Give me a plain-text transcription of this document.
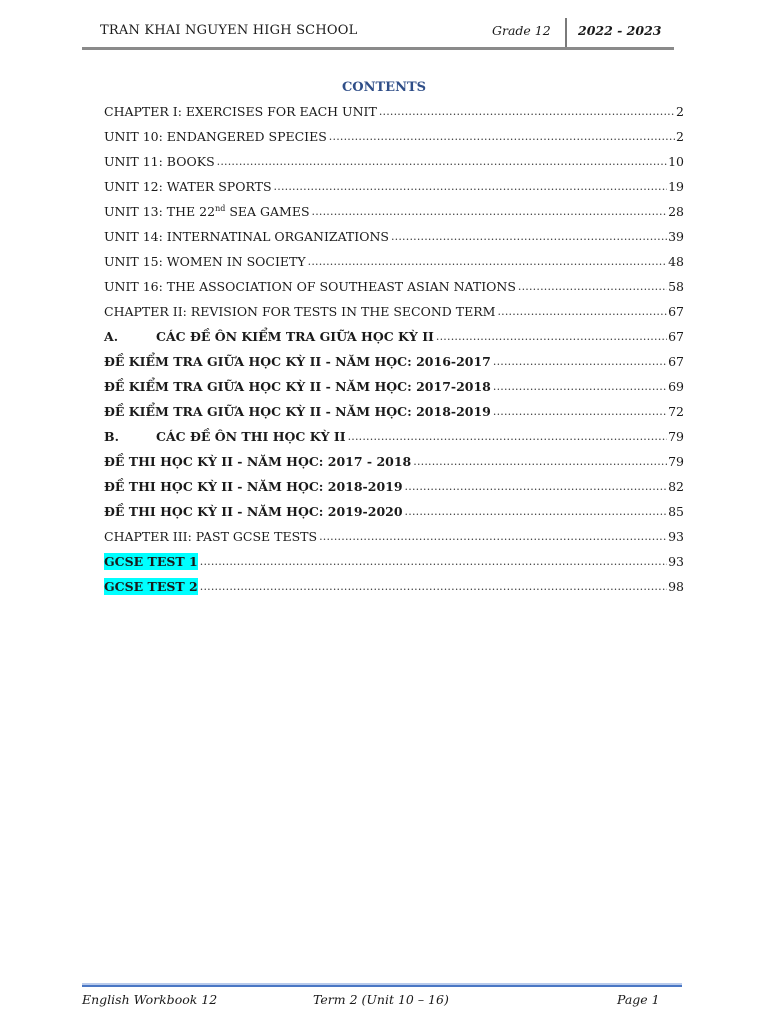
TRAN KHAI NGUYEN HIGH SCHOOL	Grade 12 2022 - 2023
CONTENTS
CHAPTER I: EXERCISES FOR EACH UNIT .....	2
UNIT 10: ENDANGERED SPECIES .....	2
UNIT 11: BOOKS .....	10
UNIT 12: WATER SPORTS .....	19
UNIT 13: THE 22nd SEA GAMES .....	28
UNIT 14: INTERNATINAL ORGANIZATIONS .....	39
UNIT 15: WOMEN IN SOCIETY .....	48
UNIT 16: THE ASSOCIATION OF SOUTHEAST ASIAN NATIONS .....	58
CHAPTER II: REVISION FOR TESTS IN THE SECOND TERM .....	67
A.	CÁC ĐỀ ÔN KIỂM TRA GIỮA HỌC KỲ II .....	67
ĐỀ KIỂM TRA GIỮA HỌC KỲ II - NĂM HỌC: 2016-2017 .....	67
ĐỀ KIỂM TRA GIỮA HỌC KỲ II - NĂM HỌC: 2017-2018 .....	69
ĐỀ KIỂM TRA GIỮA HỌC KỲ II - NĂM HỌC: 2018-2019 .....	72
B.	CÁC ĐỀ ÔN THI HỌC KỲ II .....	79
ĐỀ THI HỌC KỲ II - NĂM HỌC: 2017 - 2018 .....	79
ĐỀ THI HỌC KỲ II - NĂM HỌC: 2018-2019 .....	82
ĐỀ THI HỌC KỲ II - NĂM HỌC: 2019-2020 .....	85
CHAPTER III: PAST GCSE TESTS .....	93
GCSE TEST 1 .....	93
GCSE TEST 2 .....	98
English Workbook 12	Term 2 (Unit 10 – 16)	Page 1
